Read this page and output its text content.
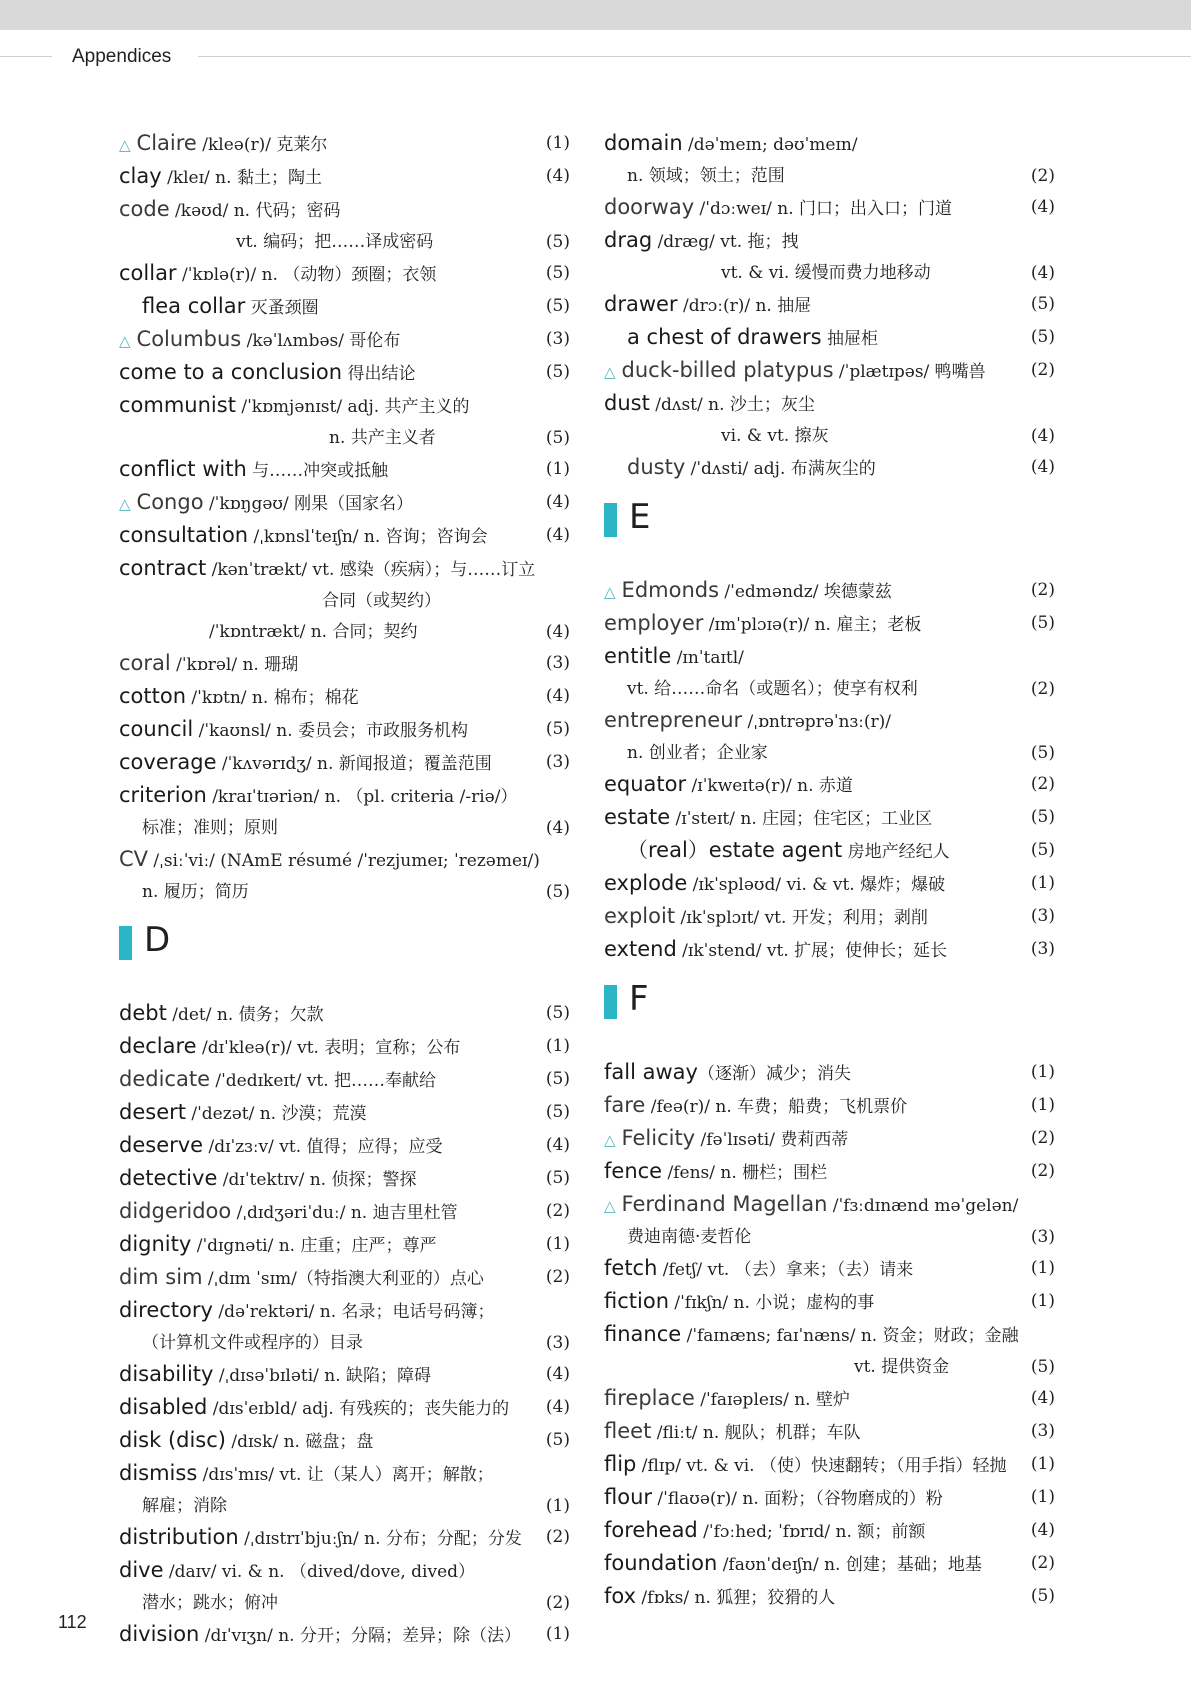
Appendices
△ Claire /kleə(r)/ 克莱尔	(1)
clay /kleɪ/ n. 黏土；陶土	(4)
code /kəʊd/ n. 代码；密码
vt. 编码；把……译成密码	(5)
collar /ˈkɒlə(r)/ n. （动物）颈圈；衣领	(5)
flea collar 灭蚤颈圈	(5)
△ Columbus /kəˈlʌmbəs/ 哥伦布	(3)
come to a conclusion 得出结论	(5)
communist /ˈkɒmjənɪst/ adj. 共产主义的
n. 共产主义者	(5)
conflict with 与……冲突或抵触	(1)
△ Congo /ˈkɒŋgəʊ/ 刚果（国家名）	(4)
consultation /ˌkɒnslˈteɪʃn/ n. 咨询；咨询会	(4)
contract /kənˈtrækt/ vt. 感染（疾病）；与……订立
合同（或契约）
/ˈkɒntrækt/ n. 合同；契约	(4)
coral /ˈkɒrəl/ n. 珊瑚	(3)
cotton /ˈkɒtn/ n. 棉布；棉花	(4)
council /ˈkaʊnsl/ n. 委员会；市政服务机构	(5)
coverage /ˈkʌvərɪdʒ/ n. 新闻报道；覆盖范围	(3)
criterion /kraɪˈtɪəriən/ n. （pl. criteria /-riə/）
标准；准则；原则	(4)
CV /ˌsiːˈviː/ (NAmE résumé /ˈrezjumeɪ; ˈrezəmeɪ/)
n. 履历；简历	(5)
D
debt /det/ n. 债务；欠款	(5)
declare /dɪˈkleə(r)/ vt. 表明；宣称；公布	(1)
dedicate /ˈdedɪkeɪt/ vt. 把……奉献给	(5)
desert /ˈdezət/ n. 沙漠；荒漠	(5)
deserve /dɪˈzɜːv/ vt. 值得；应得；应受	(4)
detective /dɪˈtektɪv/ n. 侦探；警探	(5)
didgeridoo /ˌdɪdʒəriˈduː/ n. 迪吉里杜管	(2)
dignity /ˈdɪgnəti/ n. 庄重；庄严；尊严	(1)
dim sim /ˌdɪm ˈsɪm/（特指澳大利亚的）点心	(2)
directory /dəˈrektəri/ n. 名录；电话号码簿；
（计算机文件或程序的）目录	(3)
disability /ˌdɪsəˈbɪləti/ n. 缺陷；障碍	(4)
disabled /dɪsˈeɪbld/ adj. 有残疾的；丧失能力的	(4)
disk (disc) /dɪsk/ n. 磁盘；盘	(5)
dismiss /dɪsˈmɪs/ vt. 让（某人）离开；解散；
解雇；消除	(1)
distribution /ˌdɪstrɪˈbjuːʃn/ n. 分布；分配；分发	(2)
dive /daɪv/ vi. & n. （dived/dove, dived）
潜水；跳水；俯冲	(2)
division /dɪˈvɪʒn/ n. 分开；分隔；差异；除（法）	(1)
domain /dəˈmeɪn; dəʊˈmeɪn/
n. 领域；领土；范围	(2)
doorway /ˈdɔːweɪ/ n. 门口；出入口；门道	(4)
drag /dræg/ vt. 拖；拽
vt. & vi. 缓慢而费力地移动	(4)
drawer /drɔː(r)/ n. 抽屉	(5)
a chest of drawers 抽屉柜	(5)
△ duck-billed platypus /ˈplætɪpəs/ 鸭嘴兽	(2)
dust /dʌst/ n. 沙土；灰尘
vi. & vt. 擦灰	(4)
dusty /ˈdʌsti/ adj. 布满灰尘的	(4)
E
△ Edmonds /ˈedməndz/ 埃德蒙兹	(2)
employer /ɪmˈplɔɪə(r)/ n. 雇主；老板	(5)
entitle /ɪnˈtaɪtl/
vt. 给……命名（或题名）；使享有权利	(2)
entrepreneur /ˌɒntrəprəˈnɜː(r)/
n. 创业者；企业家	(5)
equator /ɪˈkweɪtə(r)/ n. 赤道	(2)
estate /ɪˈsteɪt/ n. 庄园；住宅区；工业区	(5)
（real）estate agent 房地产经纪人	(5)
explode /ɪkˈspləʊd/ vi. & vt. 爆炸；爆破	(1)
exploit /ɪkˈsplɔɪt/ vt. 开发；利用；剥削	(3)
extend /ɪkˈstend/ vt. 扩展；使伸长；延长	(3)
F
fall away（逐渐）减少；消失	(1)
fare /feə(r)/ n. 车费；船费；飞机票价	(1)
△ Felicity /fəˈlɪsəti/ 费莉西蒂	(2)
fence /fens/ n. 栅栏；围栏	(2)
△ Ferdinand Magellan /ˈfɜːdɪnænd məˈgelən/
费迪南德·麦哲伦	(3)
fetch /fetʃ/ vt. （去）拿来；（去）请来	(1)
fiction /ˈfɪkʃn/ n. 小说；虚构的事	(1)
finance /ˈfaɪnæns; faɪˈnæns/ n. 资金；财政；金融
vt. 提供资金	(5)
fireplace /ˈfaɪəpleɪs/ n. 壁炉	(4)
fleet /fliːt/ n. 舰队；机群；车队	(3)
flip /flɪp/ vt. & vi. （使）快速翻转；（用手指）轻抛	(1)
flour /ˈflaʊə(r)/ n. 面粉；（谷物磨成的）粉	(1)
forehead /ˈfɔːhed; ˈfɒrɪd/ n. 额；前额	(4)
foundation /faʊnˈdeɪʃn/ n. 创建；基础；地基	(2)
fox /fɒks/ n. 狐狸；狡猾的人	(5)
112
